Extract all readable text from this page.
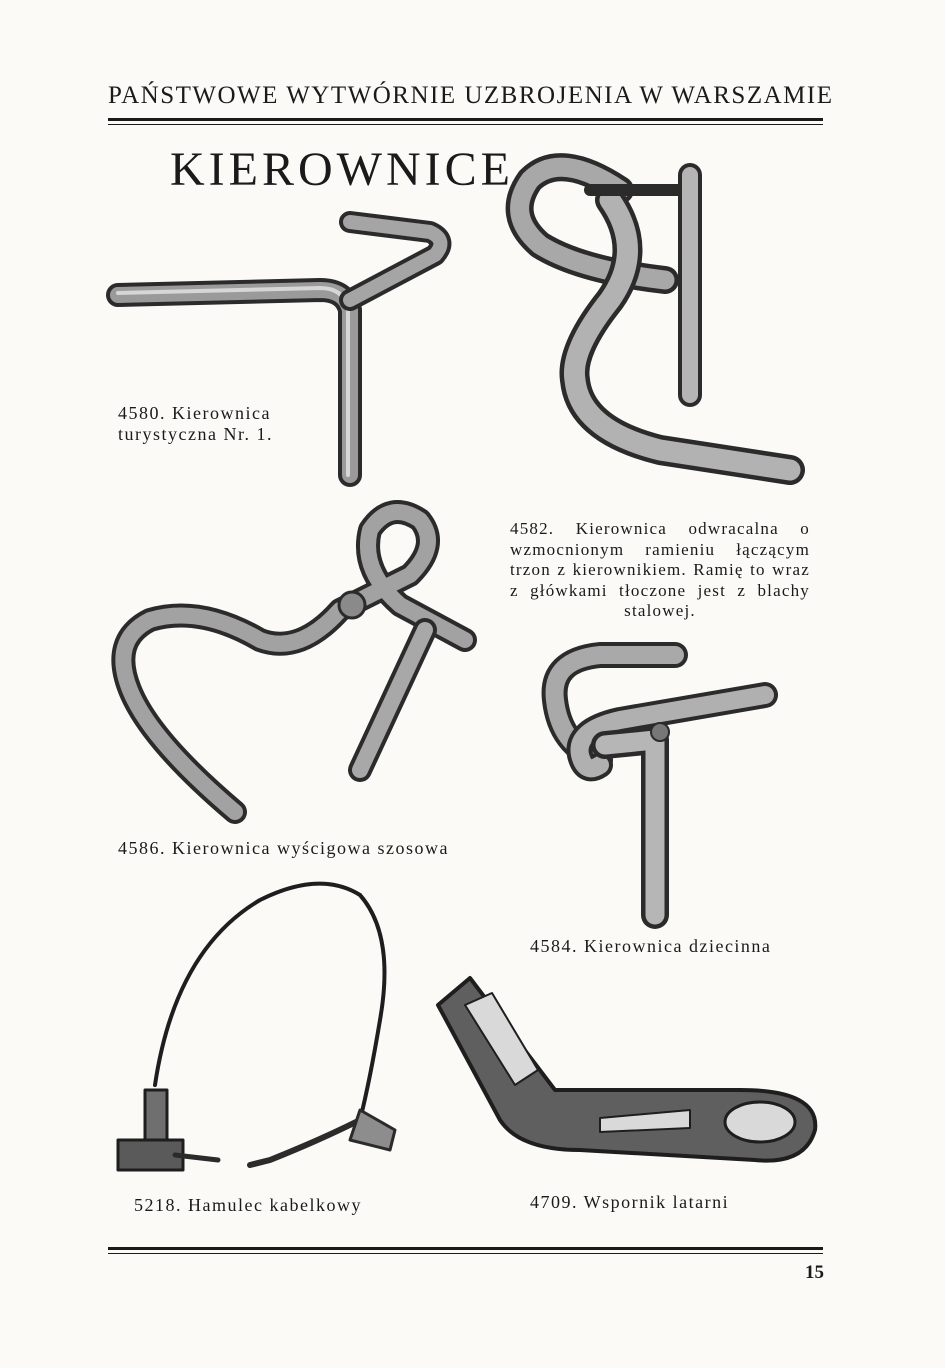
PAŃSTWOWE WYTWÓRNIE UZBROJENIA W WARSZAMIE
KIEROWNICE
4580. Kierownica
turystyczna Nr. 1.
4582. Kierownica odwracalna o wzmocnionym ramieniu łączącym trzon z kierownikiem. Ramię to wraz z główkami tłoczone jest z blachy stalowej.
4586. Kierownica wyścigowa szosowa
4584. Kierownica dziecinna
5218. Hamulec kabelkowy	4709. Wspornik latarni
15
